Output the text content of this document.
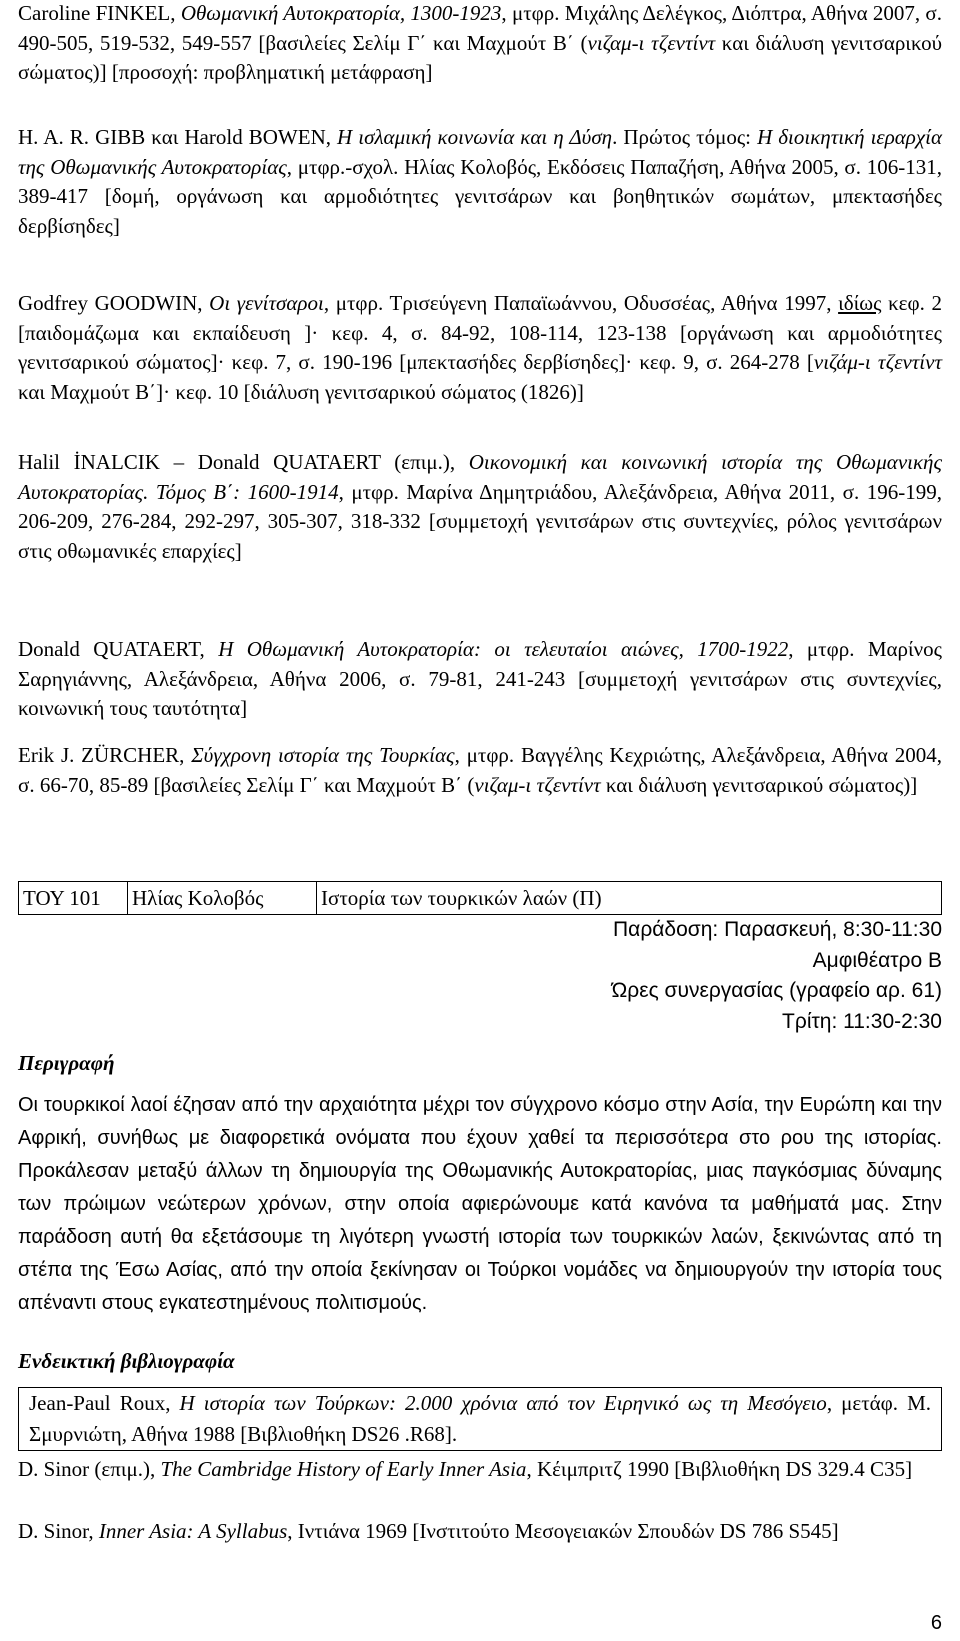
Caroline FINKEL, Οθωμανική Αυτοκρατορία, 1300-1923, μτφρ. Μιχάλης Δελέγκος, Διόπτρα, Αθήνα 2007, σ. 490-505, 519-532, 549-557 [βασιλείες Σελίμ Γ΄ και Μαχμούτ Β΄ (νιζαμ-ι τζεντίντ και διάλυση γενιτσαρικού σώματος)] [προσοχή: προβληματική μετάφραση]

H. A. R. GIBB και Harold BOWEN, Η ισλαμική κοινωνία και η Δύση. Πρώτος τόμος: Η διοικητική ιεραρχία της Οθωμανικής Αυτοκρατορίας, μτφρ.-σχολ. Ηλίας Κολοβός, Εκδόσεις Παπαζήση, Αθήνα 2005, σ. 106-131, 389-417 [δομή, οργάνωση και αρμοδιότητες γενιτσάρων και βοηθητικών σωμάτων, μπεκτασήδες δερβίσηδες]

Godfrey GOODWIN, Οι γενίτσαροι, μτφρ. Τρισεύγενη Παπαϊωάννου, Οδυσσέας, Αθήνα 1997, ιδίως κεφ. 2 [παιδομάζωμα και εκπαίδευση ]· κεφ. 4, σ. 84-92, 108-114, 123-138 [οργάνωση και αρμοδιότητες γενιτσαρικού σώματος]· κεφ. 7, σ. 190-196 [μπεκτασήδες δερβίσηδες]· κεφ. 9, σ. 264-278 [νιζάμ-ι τζεντίντ και Μαχμούτ Β΄]· κεφ. 10 [διάλυση γενιτσαρικού σώματος (1826)]

Halil İNALCIK – Donald QUATAERT (επιμ.), Οικονομική και κοινωνική ιστορία της Οθωμανικής Αυτοκρατορίας. Τόμος Β΄: 1600-1914, μτφρ. Μαρίνα Δημητριάδου, Αλεξάνδρεια, Αθήνα 2011, σ. 196-199, 206-209, 276-284, 292-297, 305-307, 318-332 [συμμετοχή γενιτσάρων στις συντεχνίες, ρόλος γενιτσάρων στις οθωμανικές επαρχίες]

Donald QUATAERT, Η Οθωμανική Αυτοκρατορία: οι τελευταίοι αιώνες, 1700-1922, μτφρ. Μαρίνος Σαρηγιάννης, Αλεξάνδρεια, Αθήνα 2006, σ. 79-81, 241-243 [συμμετοχή γενιτσάρων στις συντεχνίες, κοινωνική τους ταυτότητα]

Erik J. ZÜRCHER, Σύγχρονη ιστορία της Τουρκίας, μτφρ. Βαγγέλης Κεχριώτης, Αλεξάνδρεια, Αθήνα 2004, σ. 66-70, 85-89 [βασιλείες Σελίμ Γ΄ και Μαχμούτ Β΄ (νιζαμ-ι τζεντίντ και διάλυση γενιτσαρικού σώματος)]

ΤΟΥ 101	Ηλίας Κολοβός	Ιστορία των τουρκικών λαών (Π)
Παράδοση: Παρασκευή, 8:30-11:30
Αμφιθέατρο Β
Ώρες συνεργασίας (γραφείο αρ. 61)
Τρίτη: 11:30-2:30
Περιγραφή

Οι τουρκικοί λαοί έζησαν από την αρχαιότητα μέχρι τον σύγχρονο κόσμο στην Ασία, την Ευρώπη και την Αφρική, συνήθως με διαφορετικά ονόματα που έχουν χαθεί τα περισσότερα στο ρου της ιστορίας. Προκάλεσαν μεταξύ άλλων τη δημιουργία της Οθωμανικής Αυτοκρατορίας, μιας παγκόσμιας δύναμης των πρώιμων νεώτερων χρόνων, στην οποία αφιερώνουμε κατά κανόνα τα μαθήματά μας. Στην παράδοση αυτή θα εξετάσουμε τη λιγότερη γνωστή ιστορία των τουρκικών λαών, ξεκινώντας από τη στέπα της Έσω Ασίας, από την οποία ξεκίνησαν οι Τούρκοι νομάδες να δημιουργούν την ιστορία τους απέναντι στους εγκατεστημένους πολιτισμούς.

Ενδεικτική βιβλιογραφία
Jean-Paul Roux, Η ιστορία των Τούρκων: 2.000 χρόνια από τον Ειρηνικό ως τη Μεσόγειο, μετάφ. Μ. Σμυρνιώτη, Αθήνα 1988 [Βιβλιοθήκη DS26 .R68].

D. Sinor (επιμ.), The Cambridge History of Early Inner Asia, Κέιμπριτζ 1990 [Βιβλιοθήκη DS 329.4 C35]

D. Sinor, Inner Asia: A Syllabus, Ιντιάνα 1969 [Ινστιτούτο Μεσογειακών Σπουδών DS 786 S545]

6
